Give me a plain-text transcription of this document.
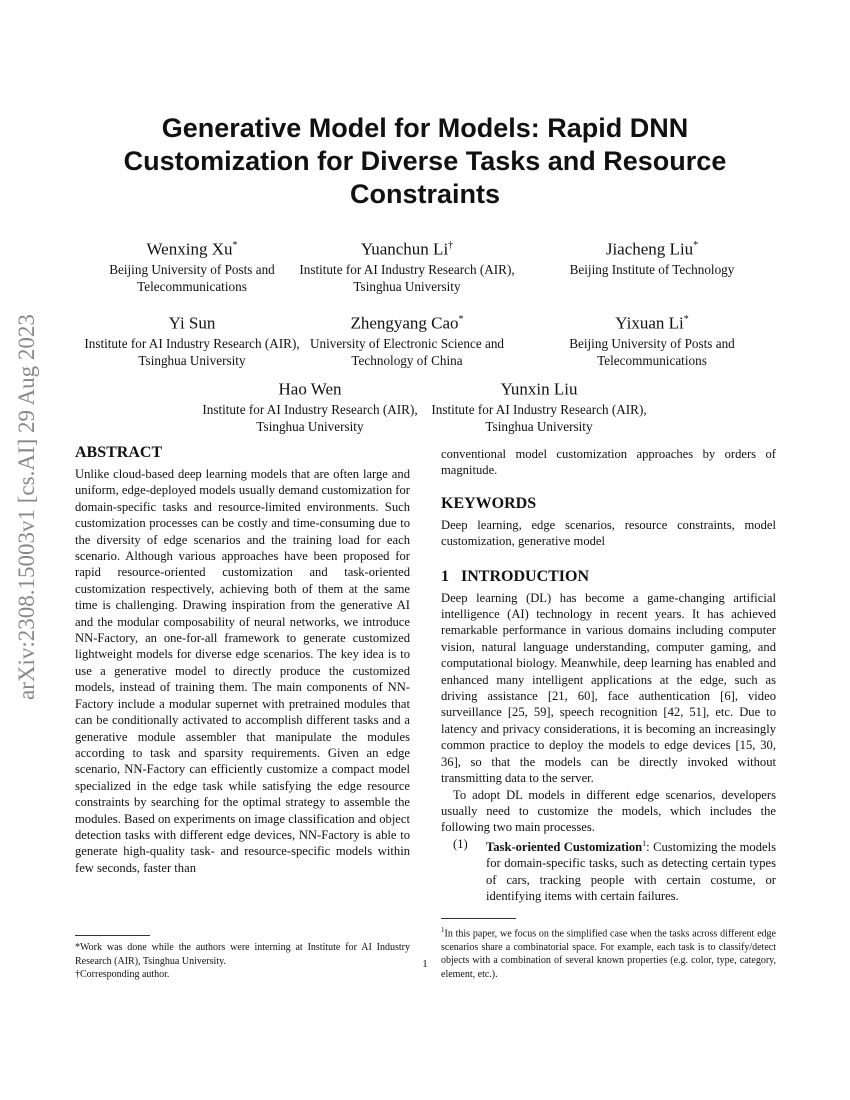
arXiv:2308.15003v1 [cs.AI] 29 Aug 2023
Generative Model for Models: Rapid DNN Customization for Diverse Tasks and Resource Constraints
Wenxing Xu*
Beijing University of Posts and Telecommunications
Yuanchun Li†
Institute for AI Industry Research (AIR), Tsinghua University
Jiacheng Liu*
Beijing Institute of Technology
Yi Sun
Institute for AI Industry Research (AIR), Tsinghua University
Zhengyang Cao*
University of Electronic Science and Technology of China
Yixuan Li*
Beijing University of Posts and Telecommunications
Hao Wen
Institute for AI Industry Research (AIR), Tsinghua University
Yunxin Liu
Institute for AI Industry Research (AIR), Tsinghua University
ABSTRACT

Unlike cloud-based deep learning models that are often large and uniform, edge-deployed models usually demand customization for domain-specific tasks and resource-limited environments. Such customization processes can be costly and time-consuming due to the diversity of edge scenarios and the training load for each scenario. Although various approaches have been proposed for rapid resource-oriented customization and task-oriented customization respectively, achieving both of them at the same time is challenging. Drawing inspiration from the generative AI and the modular composability of neural networks, we introduce NN-Factory, an one-for-all framework to generate customized lightweight models for diverse edge scenarios. The key idea is to use a generative model to directly produce the customized models, instead of training them. The main components of NN-Factory include a modular supernet with pretrained modules that can be conditionally activated to accomplish different tasks and a generative module assembler that manipulate the modules according to task and sparsity requirements. Given an edge scenario, NN-Factory can efficiently customize a compact model specialized in the edge task while satisfying the edge resource constraints by searching for the optimal strategy to assemble the modules. Based on experiments on image classification and object detection tasks with different edge devices, NN-Factory is able to generate high-quality task- and resource-specific models within few seconds, faster than

conventional model customization approaches by orders of magnitude.

KEYWORDS

Deep learning, edge scenarios, resource constraints, model customization, generative model

1   INTRODUCTION

Deep learning (DL) has become a game-changing artificial intelligence (AI) technology in recent years. It has achieved remarkable performance in various domains including computer vision, natural language understanding, computer gaming, and computational biology. Meanwhile, deep learning has enabled and enhanced many intelligent applications at the edge, such as driving assistance [21, 60], face authentication [6], video surveillance [25, 59], speech recognition [42, 51], etc. Due to latency and privacy considerations, it is becoming an increasingly common practice to deploy the models to edge devices [15, 30, 36], so that the models can be directly invoked without transmitting data to the server.

To adopt DL models in different edge scenarios, developers usually need to customize the models, which includes the following two main processes.

(1)	Task-oriented Customization$^1$: Customizing the models for domain-specific tasks, such as detecting certain types of cars, tracking people with certain costume, or identifying items with certain failures.
*Work was done while the authors were interning at Institute for AI Industry Research (AIR), Tsinghua University.
†Corresponding author.
$^1$In this paper, we focus on the simplified case when the tasks across different edge scenarios share a combinatorial space. For example, each task is to classify/detect objects with a combination of several known properties (e.g. color, type, category, element, etc.).
1
